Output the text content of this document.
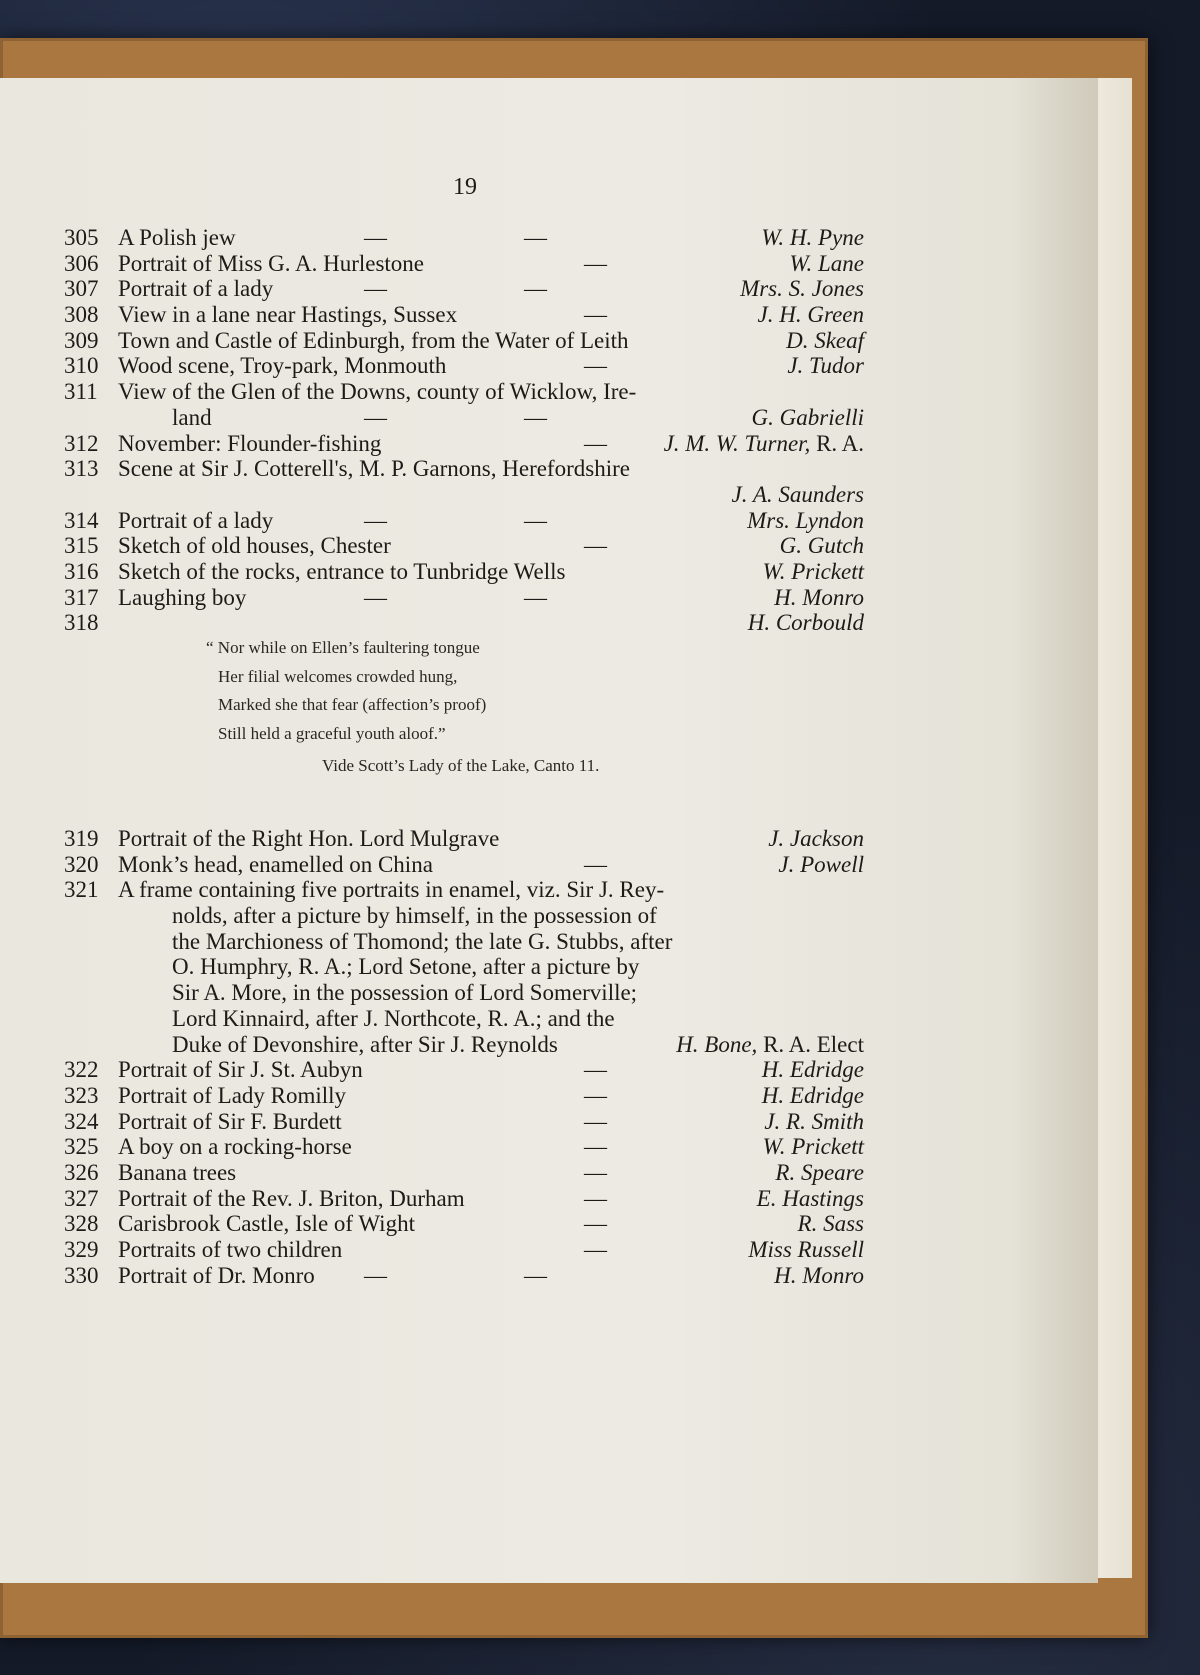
19
305 A Polish jew	—	—	W. H. Pyne
306 Portrait of Miss G. A. Hurlestone	—	W. Lane
307 Portrait of a lady	—	—	Mrs. S. Jones
308 View in a lane near Hastings, Sussex	—	J. H. Green
309 Town and Castle of Edinburgh, from the Water of Leith	D. Skeaf
310 Wood scene, Troy-park, Monmouth	—	J. Tudor
311 View of the Glen of the Downs, county of Wicklow, Ire-
land	—	—	G. Gabrielli
312 November: Flounder-fishing	— J. M. W. Turner, R. A.
313 Scene at Sir J. Cotterell's, M. P. Garnons, Herefordshire
J. A. Saunders
314 Portrait of a lady	—	—	Mrs. Lyndon
315 Sketch of old houses, Chester	—	G. Gutch
316 Sketch of the rocks, entrance to Tunbridge Wells	W. Prickett
317 Laughing boy	—	—	H. Monro
318	H. Corbould
“ Nor while on Ellen’s faultering tongue
Her filial welcomes crowded hung,
Marked she that fear (affection’s proof)
Still held a graceful youth aloof.”
Vide Scott’s Lady of the Lake, Canto 11.
319 Portrait of the Right Hon. Lord Mulgrave	J. Jackson
320 Monk’s head, enamelled on China	—	J. Powell
321 A frame containing five portraits in enamel, viz. Sir J. Rey-
nolds, after a picture by himself, in the possession of
the Marchioness of Thomond; the late G. Stubbs, after
O. Humphry, R. A.; Lord Setone, after a picture by
Sir A. More, in the possession of Lord Somerville;
Lord Kinnaird, after J. Northcote, R. A.; and the
Duke of Devonshire, after Sir J. Reynolds	H. Bone, R. A. Elect
322 Portrait of Sir J. St. Aubyn	—	H. Edridge
323 Portrait of Lady Romilly	—	H. Edridge
324 Portrait of Sir F. Burdett	—	J. R. Smith
325 A boy on a rocking-horse	—	W. Prickett
326 Banana trees	—	R. Speare
327 Portrait of the Rev. J. Briton, Durham	—	E. Hastings
328 Carisbrook Castle, Isle of Wight	—	R. Sass
329 Portraits of two children	—	Miss Russell
330 Portrait of Dr. Monro —	—	H. Monro
